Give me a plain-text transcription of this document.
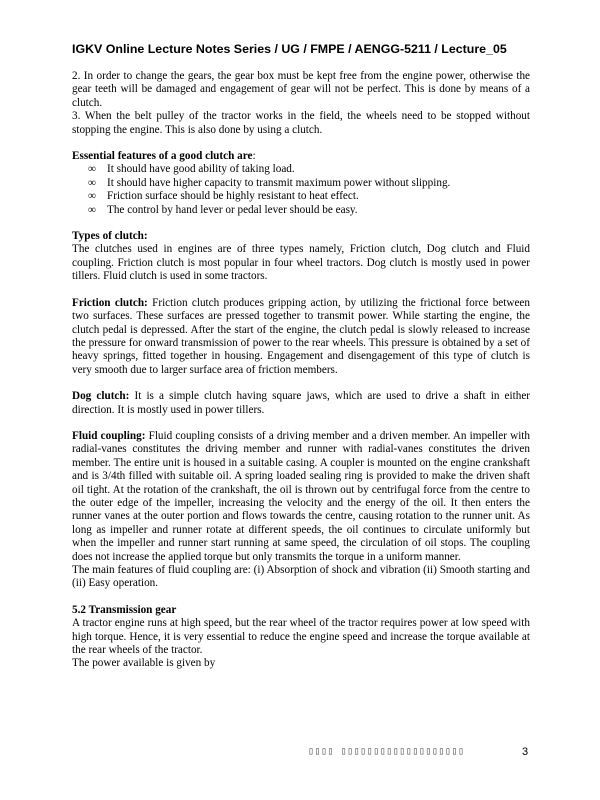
IGKV Online Lecture Notes Series / UG / FMPE / AENGG-5211 / Lecture_05

2. In order to change the gears, the gear box must be kept free from the engine power, otherwise the gear teeth will be damaged and engagement of gear will not be perfect. This is done by means of a clutch.

3. When the belt pulley of the tractor works in the field, the wheels need to be stopped without stopping the engine. This is also done by using a clutch.

Essential features of a good clutch are:

∞ It should have good ability of taking load.
∞ It should have higher capacity to transmit maximum power without slipping.
∞ Friction surface should be highly resistant to heat effect.
∞ The control by hand lever or pedal lever should be easy.

Types of clutch:

The clutches used in engines are of three types namely, Friction clutch, Dog clutch and Fluid coupling. Friction clutch is most popular in four wheel tractors. Dog clutch is mostly used in power tillers. Fluid clutch is used in some tractors.

Friction clutch: Friction clutch produces gripping action, by utilizing the frictional force between two surfaces. These surfaces are pressed together to transmit power. While starting the engine, the clutch pedal is depressed. After the start of the engine, the clutch pedal is slowly released to increase the pressure for onward transmission of power to the rear wheels. This pressure is obtained by a set of heavy springs, fitted together in housing. Engagement and disengagement of this type of clutch is very smooth due to larger surface area of friction members.

Dog clutch: It is a simple clutch having square jaws, which are used to drive a shaft in either direction. It is mostly used in power tillers.

Fluid coupling: Fluid coupling consists of a driving member and a driven member. An impeller with radial-vanes constitutes the driving member and runner with radial-vanes constitutes the driven member. The entire unit is housed in a suitable casing. A coupler is mounted on the engine crankshaft and is 3/4th filled with suitable oil. A spring loaded sealing ring is provided to make the driven shaft oil tight. At the rotation of the crankshaft, the oil is thrown out by centrifugal force from the centre to the outer edge of the impeller, increasing the velocity and the energy of the oil. It then enters the runner vanes at the outer portion and flows towards the centre, causing rotation to the runner unit. As long as impeller and runner rotate at different speeds, the oil continues to circulate uniformly but when the impeller and runner start running at same speed, the circulation of oil stops. The coupling does not increase the applied torque but only transmits the torque in a uniform manner.

The main features of fluid coupling are: (i) Absorption of shock and vibration (ii) Smooth starting and (ii) Easy operation.

5.2 Transmission gear

A tractor engine runs at high speed, but the rear wheel of the tractor requires power at low speed with high torque. Hence, it is very essential to reduce the engine speed and increase the torque available at the rear wheels of the tractor.

The power available is given by

▯▯▯▯ ▯▯▯▯▯▯▯▯▯▯▯▯▯▯▯▯▯▯▯	3
